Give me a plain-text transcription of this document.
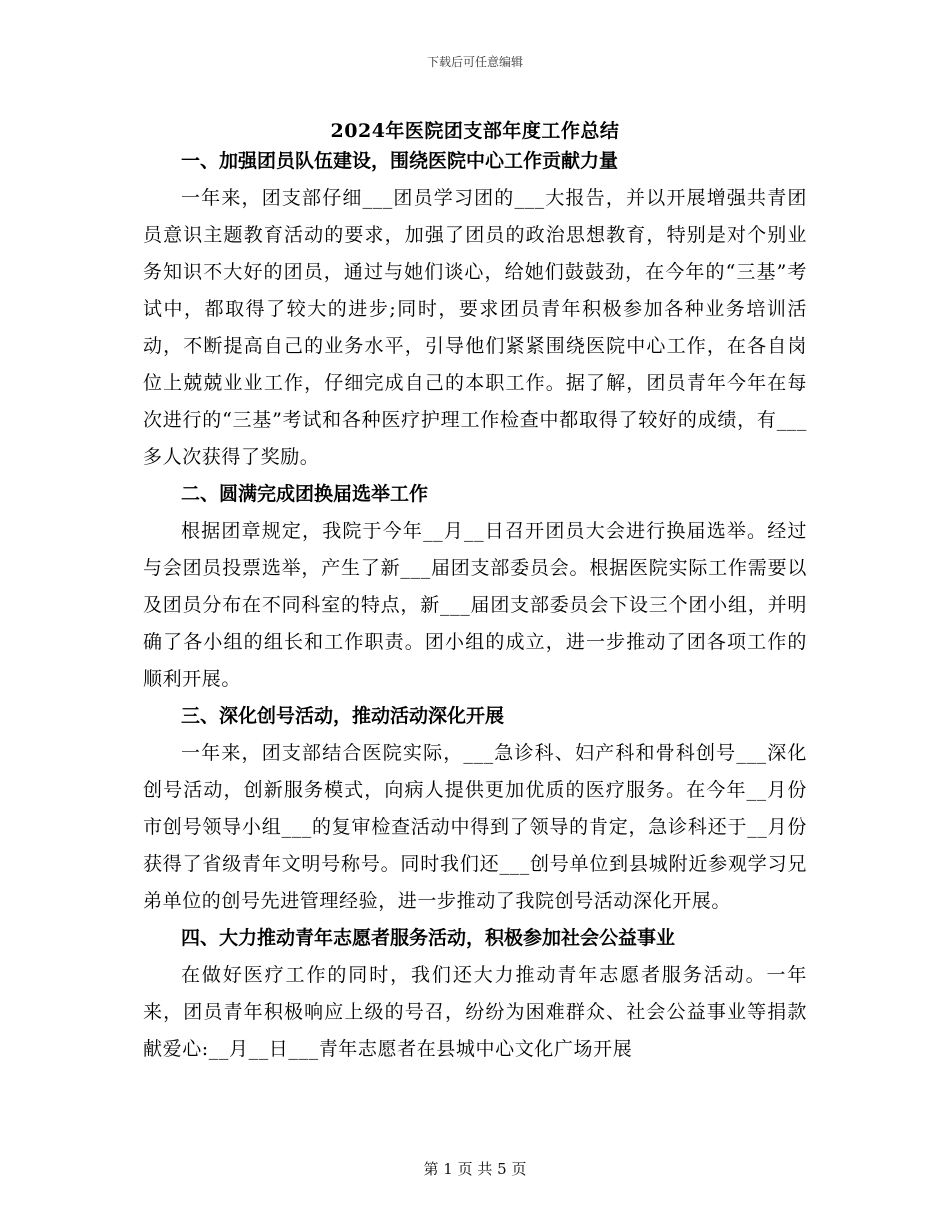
下载后可任意编辑
2024年医院团支部年度工作总结

一、加强团员队伍建设，围绕医院中心工作贡献力量

一年来，团支部仔细___团员学习团的___大报告，并以开展增强共青团员意识主题教育活动的要求，加强了团员的政治思想教育，特别是对个别业务知识不大好的团员，通过与她们谈心，给她们鼓鼓劲，在今年的“三基”考试中，都取得了较大的进步;同时，要求团员青年积极参加各种业务培训活动，不断提高自己的业务水平，引导他们紧紧围绕医院中心工作，在各自岗位上兢兢业业工作，仔细完成自己的本职工作。据了解，团员青年今年在每次进行的“三基”考试和各种医疗护理工作检查中都取得了较好的成绩，有___多人次获得了奖励。

二、圆满完成团换届选举工作

根据团章规定，我院于今年__月__日召开团员大会进行换届选举。经过与会团员投票选举，产生了新___届团支部委员会。根据医院实际工作需要以及团员分布在不同科室的特点，新___届团支部委员会下设三个团小组，并明确了各小组的组长和工作职责。团小组的成立，进一步推动了团各项工作的顺利开展。

三、深化创号活动，推动活动深化开展

一年来，团支部结合医院实际，___急诊科、妇产科和骨科创号___深化创号活动，创新服务模式，向病人提供更加优质的医疗服务。在今年__月份市创号领导小组___的复审检查活动中得到了领导的肯定，急诊科还于__月份获得了省级青年文明号称号。同时我们还___创号单位到县城附近参观学习兄弟单位的创号先进管理经验，进一步推动了我院创号活动深化开展。

四、大力推动青年志愿者服务活动，积极参加社会公益事业

在做好医疗工作的同时，我们还大力推动青年志愿者服务活动。一年来，团员青年积极响应上级的号召，纷纷为困难群众、社会公益事业等捐款献爱心:__月__日___青年志愿者在县城中心文化广场开展

第 1 页 共 5 页
